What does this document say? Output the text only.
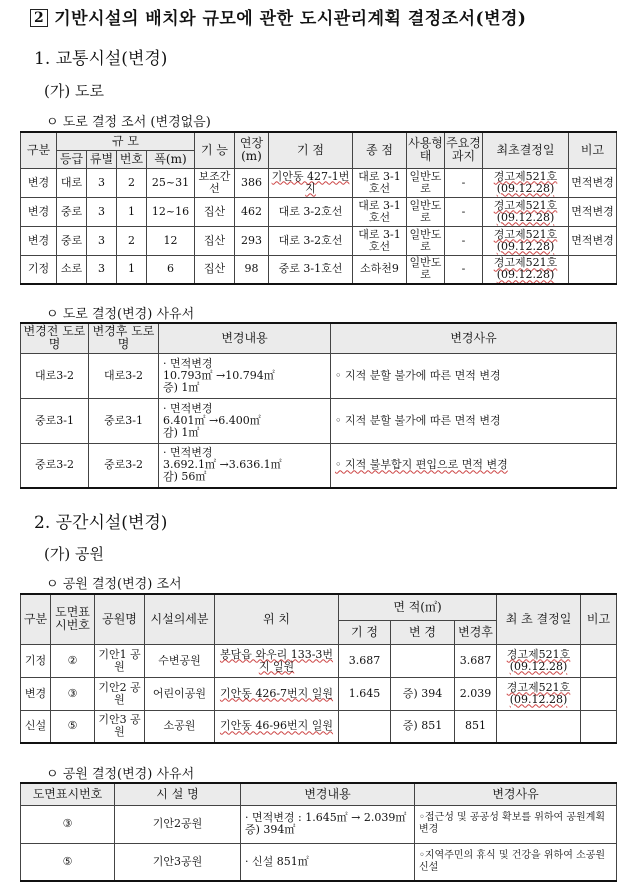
2 기반시설의 배치와 규모에 관한 도시관리계획 결정조서(변경)
1. 교통시설(변경)
(가) 도로
ㅇ 도로 결정 조서 (변경없음)
구분	규 모				기 능	연장(m)	기 점	종 점	사용형태	주요경과지	최초결정일	비고
	등급	류별	번호	폭(m)								
변경	대로	3	2	25~31	보조간선	386	기안동 427-1번지	대로 3-1호선	일반도로	-	경고제521호 (09.12.28)	면적변경
변경	중로	3	1	12~16	집산	462	대로 3-2호선	대로 3-1호선	일반도로	-	경고제521호 (09.12.28)	면적변경
변경	중로	3	2	12	집산	293	대로 3-2호선	대로 3-1호선	일반도로	-	경고제521호 (09.12.28)	면적변경
기정	소로	3	1	6	집산	98	중로 3-1호선	소하천9	일반도로	-	경고제521호 (09.12.28)	
ㅇ 도로 결정(변경) 사유서
변경전 도로명	변경후 도로명	변경내용	변경사유
대로3-2	대로3-2	· 면적변경
10.793㎡ →10.794㎡
증) 1㎡	◦ 지적 분할 불가에 따른 면적 변경
중로3-1	중로3-1	· 면적변경
6.401㎡ →6.400㎡
감) 1㎡	◦ 지적 분할 불가에 따른 면적 변경
중로3-2	중로3-2	· 면적변경
3.692.1㎡ →3.636.1㎡
감) 56㎡	◦ 지적 불부합지 편입으로 면적 변경
2. 공간시설(변경)
(가) 공원
ㅇ 공원 결정(변경) 조서
구분	도면표시번호	공원명	시설의세분	위 치	면 적(㎡)			최 초 결정일	비고
					기 정	변 경	변경후		
기정	②	기안1 공원	수변공원	봉담읍 와우리 133-3번지 일원	3.687		3.687	경고제521호 (09.12.28)	
변경	③	기안2 공원	어린이공원	기안동 426-7번지 일원	1.645	증) 394	2.039	경고제521호 (09.12.28)	
신설	⑤	기안3 공원	소공원	기안동 46-96번지 일원		증) 851	851		
ㅇ 공원 결정(변경) 사유서
도면표시번호	시 설 명	변경내용	변경사유
③	기안2공원	· 면적변경 : 1.645㎡ → 2.039㎡
증) 394㎡	◦접근성 및 공공성 확보를 위하여 공원계획 변경
⑤	기안3공원	· 신설 851㎡	◦지역주민의 휴식 및 건강을 위하여 소공원 신설
